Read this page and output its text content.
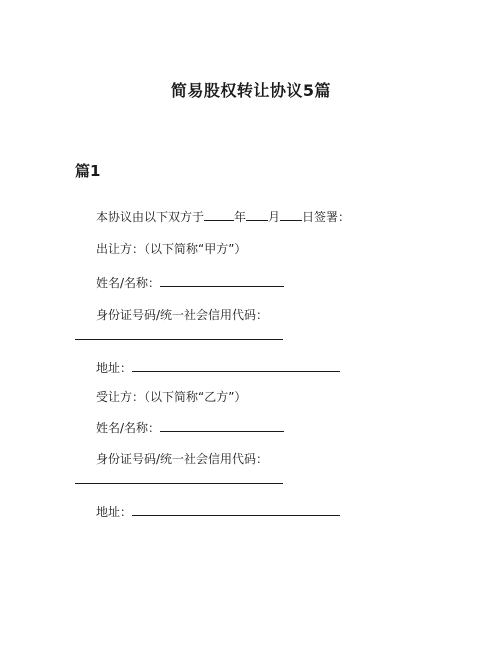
简易股权转让协议5篇
篇1
本协议由以下双方于	年 月 日签署：
出让方：（以下简称“甲方”）
姓名/名称：
身份证号码/统一社会信用代码：
地址：
受让方：（以下简称“乙方”）
姓名/名称：
身份证号码/统一社会信用代码：
地址：
